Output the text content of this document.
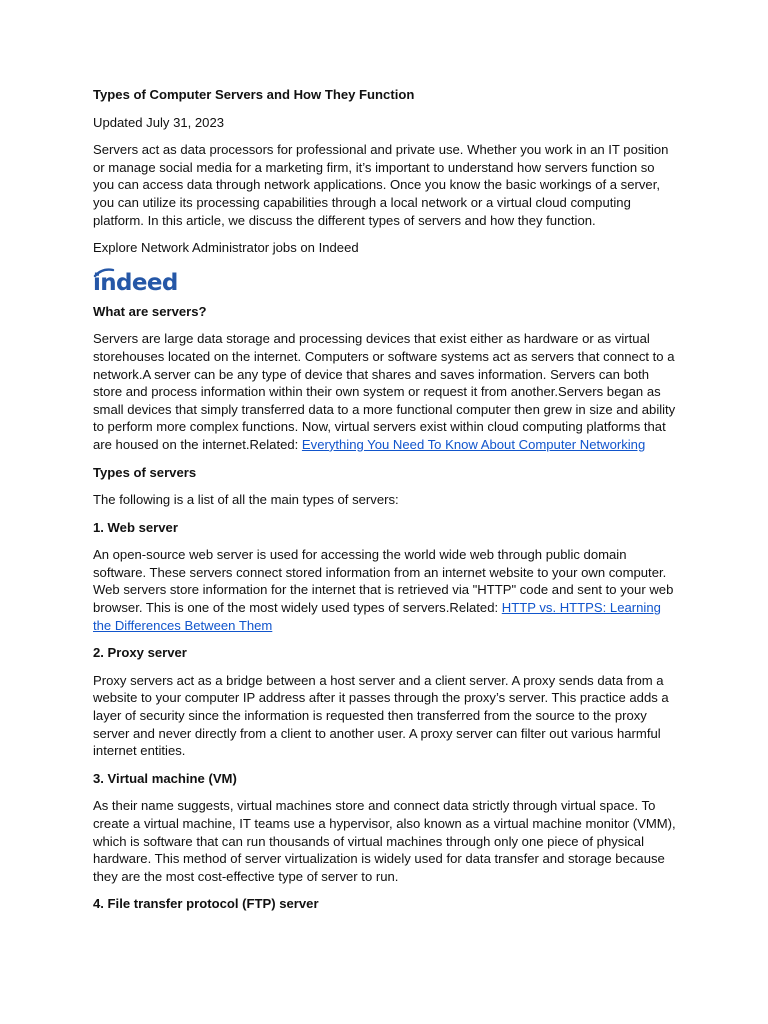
Types of Computer Servers and How They Function

Updated July 31, 2023

Servers act as data processors for professional and private use. Whether you work in an IT position or manage social media for a marketing firm, it’s important to understand how servers function so you can access data through network applications. Once you know the basic workings of a server, you can utilize its processing capabilities through a local network or a virtual cloud computing platform. In this article, we discuss the different types of servers and how they function.

Explore Network Administrator jobs on Indeed

indeed

What are servers?

Servers are large data storage and processing devices that exist either as hardware or as virtual storehouses located on the internet. Computers or software systems act as servers that connect to a network.A server can be any type of device that shares and saves information. Servers can both store and process information within their own system or request it from another.Servers began as small devices that simply transferred data to a more functional computer then grew in size and ability to perform more complex functions. Now, virtual servers exist within cloud computing platforms that are housed on the internet.Related: Everything You Need To Know About Computer Networking

Types of servers

The following is a list of all the main types of servers:

1. Web server

An open-source web server is used for accessing the world wide web through public domain software. These servers connect stored information from an internet website to your own computer. Web servers store information for the internet that is retrieved via "HTTP" code and sent to your web browser. This is one of the most widely used types of servers.Related: HTTP vs. HTTPS: Learning the Differences Between Them

2. Proxy server

Proxy servers act as a bridge between a host server and a client server. A proxy sends data from a website to your computer IP address after it passes through the proxy’s server. This practice adds a layer of security since the information is requested then transferred from the source to the proxy server and never directly from a client to another user. A proxy server can filter out various harmful internet entities.

3. Virtual machine (VM)

As their name suggests, virtual machines store and connect data strictly through virtual space. To create a virtual machine, IT teams use a hypervisor, also known as a virtual machine monitor (VMM), which is software that can run thousands of virtual machines through only one piece of physical hardware. This method of server virtualization is widely used for data transfer and storage because they are the most cost-effective type of server to run.

4. File transfer protocol (FTP) server
